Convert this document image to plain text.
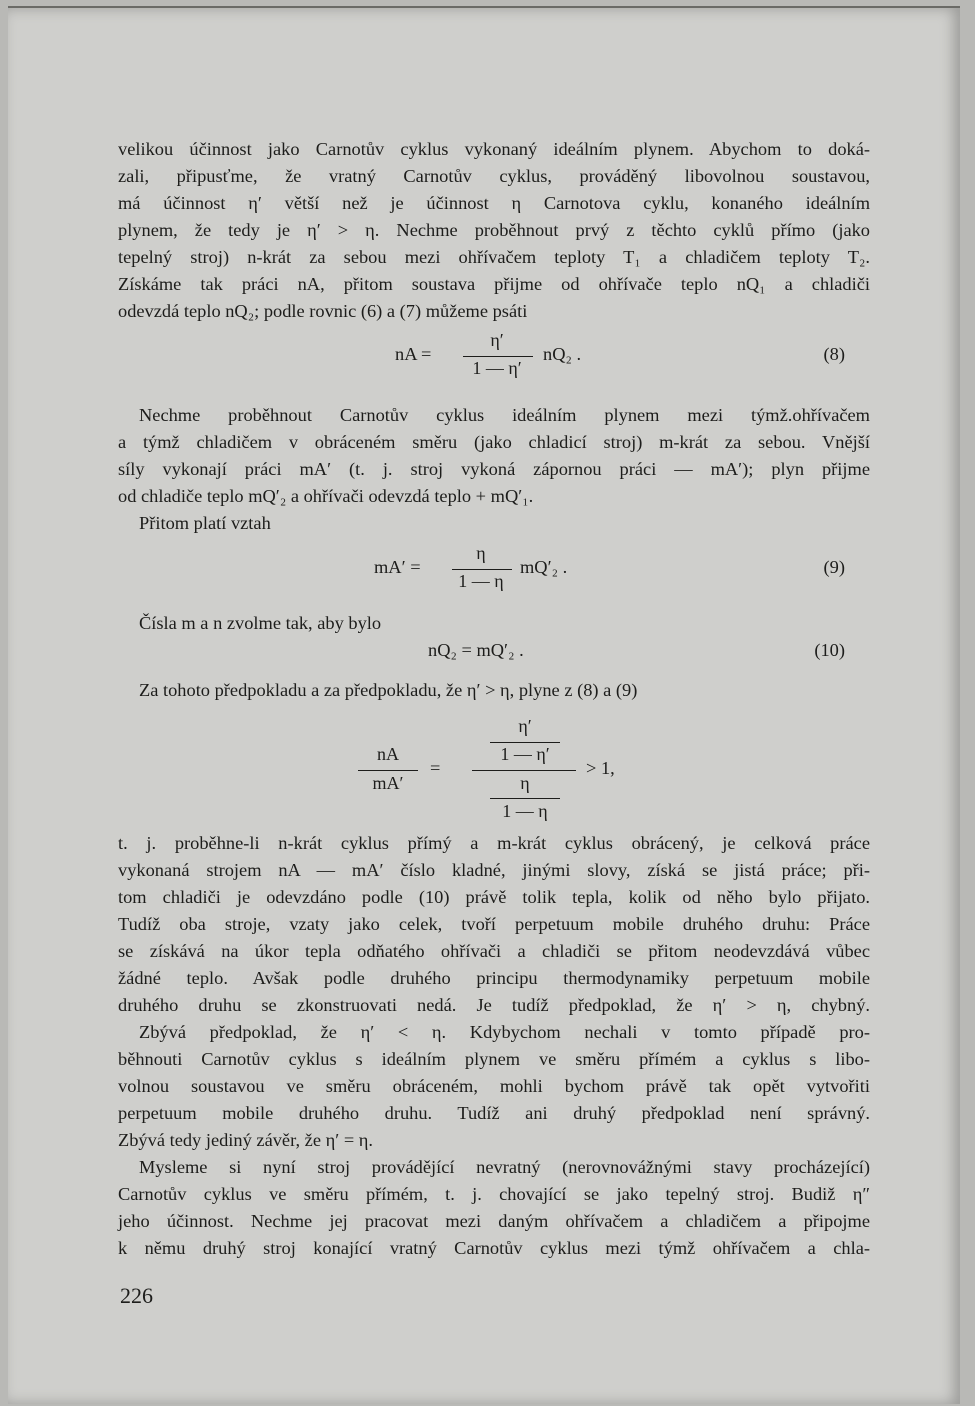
velikou účinnost jako Carnotův cyklus vykonaný ideálním plynem. Abychom to doká-
zali, připusťme, že vratný Carnotův cyklus, prováděný libovolnou soustavou,
má účinnost η′ větší než je účinnost η Carnotova cyklu, konaného ideálním
plynem, že tedy je η′ > η. Nechme proběhnout prvý z těchto cyklů přímo (jako
tepelný stroj) n-krát za sebou mezi ohřívačem teploty T₁ a chladičem teploty T₂.
Získáme tak práci nA, přitom soustava přijme od ohřívače teplo nQ₁ a chladiči
odevzdá teplo nQ₂; podle rovnic (6) a (7) můžeme psáti
nA =
η′
1 — η′
nQ₂ .	(8)
Nechme proběhnout Carnotův cyklus ideálním plynem mezi týmž.ohřívačem
a týmž chladičem v obráceném směru (jako chladicí stroj) m-krát za sebou. Vnější
síly vykonají práci mA′ (t. j. stroj vykoná zápornou práci — mA′); plyn přijme
od chladiče teplo mQ′₂ a ohřívači odevzdá teplo + mQ′₁.
Přitom platí vztah
mA′ =
η
1 — η
mQ′₂ .	(9)
Čísla m a n zvolme tak, aby bylo
nQ₂ = mQ′₂ .	(10)
Za tohoto předpokladu a za předpokladu, že η′ > η, plyne z (8) a (9)
nA
mA′
=
η′
1 — η′
η
1 — η
> 1,
t. j. proběhne-li n-krát cyklus přímý a m-krát cyklus obrácený, je celková práce
vykonaná strojem nA — mA′ číslo kladné, jinými slovy, získá se jistá práce; při-
tom chladiči je odevzdáno podle (10) právě tolik tepla, kolik od něho bylo přijato.
Tudíž oba stroje, vzaty jako celek, tvoří perpetuum mobile druhého druhu: Práce
se získává na úkor tepla odňatého ohřívači a chladiči se přitom neodevzdává vůbec
žádné teplo. Avšak podle druhého principu thermodynamiky perpetuum mobile
druhého druhu se zkonstruovati nedá. Je tudíž předpoklad, že η′ > η, chybný.
Zbývá předpoklad, že η′ < η. Kdybychom nechali v tomto případě pro-
běhnouti Carnotův cyklus s ideálním plynem ve směru přímém a cyklus s libo-
volnou soustavou ve směru obráceném, mohli bychom právě tak opět vytvořiti
perpetuum mobile druhého druhu. Tudíž ani druhý předpoklad není správný.
Zbývá tedy jediný závěr, že η′ = η.
Mysleme si nyní stroj provádějící nevratný (nerovnovážnými stavy procházející)
Carnotův cyklus ve směru přímém, t. j. chovající se jako tepelný stroj. Budiž η″
jeho účinnost. Nechme jej pracovat mezi daným ohřívačem a chladičem a připojme
k němu druhý stroj konající vratný Carnotův cyklus mezi týmž ohřívačem a chla-
226
